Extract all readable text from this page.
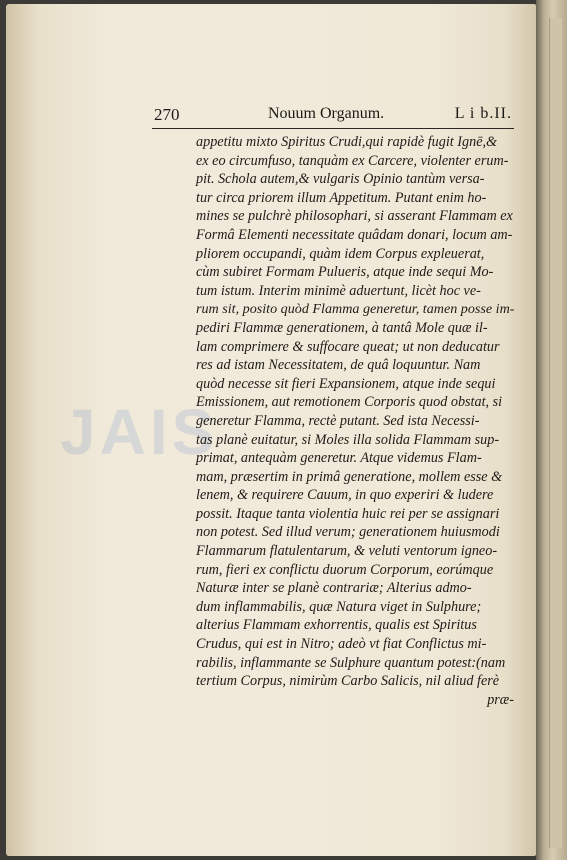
JAIS
270	Nouum Organum.	L i b.II.
appetitu mixto Spiritus Crudi,qui rapidè fugit Ignē,&
ex eo circumfuso, tanquàm ex Carcere, violenter erum-
pit. Schola autem,& vulgaris Opinio tantùm versa-
tur circa priorem illum Appetitum. Putant enim ho-
mines se pulchrè philosophari, si asserant Flammam ex
Formâ Elementi necessitate quâdam donari, locum am-
pliorem occupandi, quàm idem Corpus expleuerat,
cùm subiret Formam Pulueris, atque inde sequi Mo-
tum istum. Interim minimè aduertunt, licèt hoc ve-
rum sit, posito quòd Flamma generetur, tamen posse im-
pediri Flammæ generationem, à tantâ Mole quæ il-
lam comprimere & suffocare queat; ut non deducatur
res ad istam Necessitatem, de quâ loquuntur. Nam
quòd necesse sit fieri Expansionem, atque inde sequi
Emissionem, aut remotionem Corporis quod obstat, si
generetur Flamma, rectè putant. Sed ista Necessi-
tas planè euitatur, si Moles illa solida Flammam sup-
primat, antequàm generetur. Atque videmus Flam-
mam, præsertim in primâ generatione, mollem esse &
lenem, & requirere Cauum, in quo experiri & ludere
possit. Itaque tanta violentia huic rei per se assignari
non potest. Sed illud verum; generationem huiusmodi
Flammarum flatulentarum, & veluti ventorum igneo-
rum, fieri ex conflictu duorum Corporum, eorúmque
Naturæ inter se planè contrariæ; Alterius admo-
dum inflammabilis, quæ Natura viget in Sulphure;
alterius Flammam exhorrentis, qualis est Spiritus
Crudus, qui est in Nitro; adeò vt fiat Conflictus mi-
rabilis, inflammante se Sulphure quantum potest:(nam
tertium Corpus, nimirùm Carbo Salicis, nil aliud ferè
præ-
